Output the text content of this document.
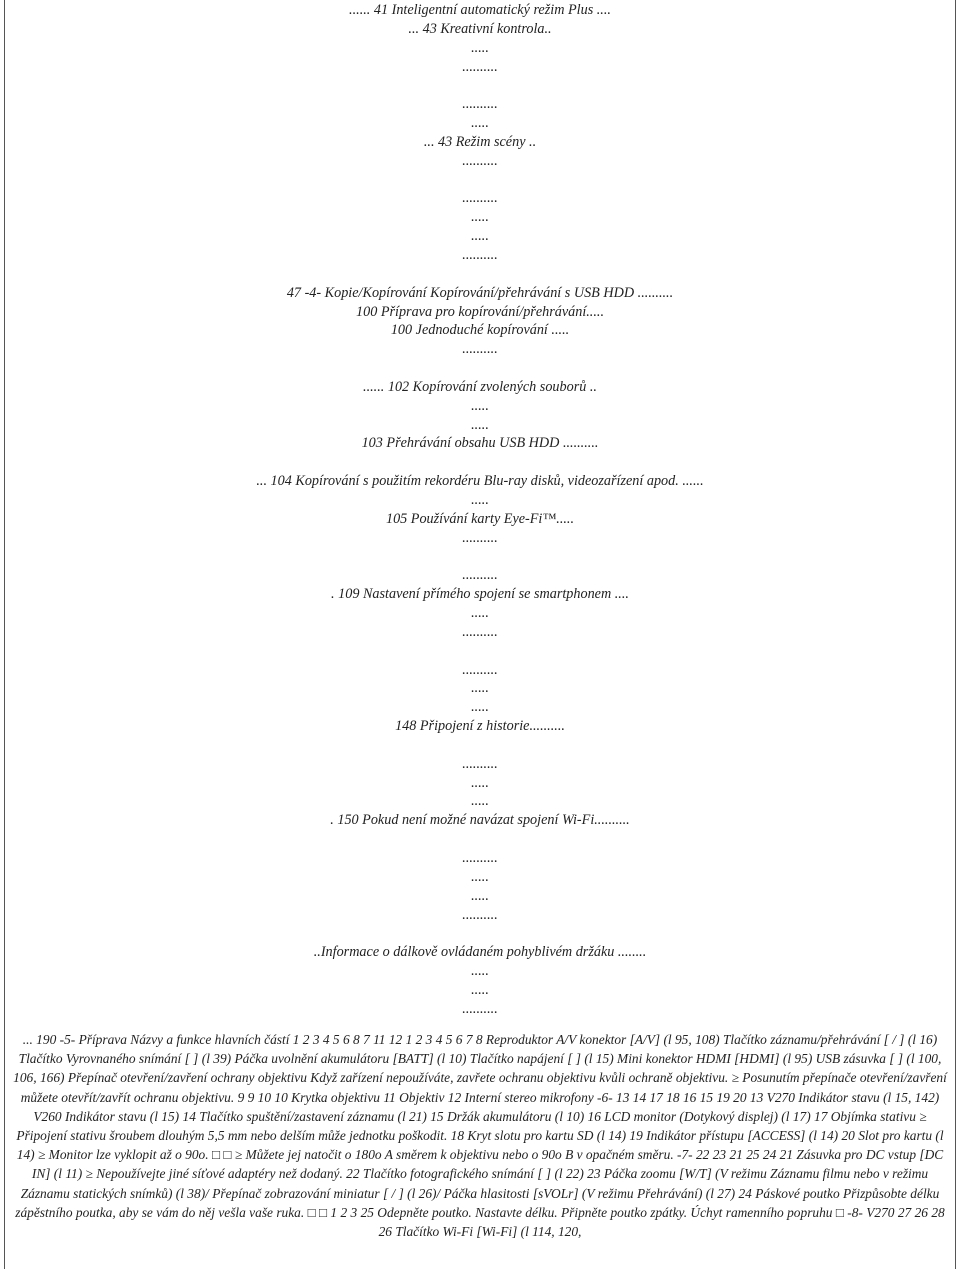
...... 41 Inteligentní automatický režim Plus ....
... 43 Kreativní kontrola..
.....
..........
..........
.....
... 43 Režim scény ..
..........
..........
.....
.....
..........
47 -4- Kopie/Kopírování Kopírování/přehrávání s USB HDD ..........
100 Příprava pro kopírování/přehrávání.....
100 Jednoduché kopírování .....
..........
...... 102 Kopírování zvolených souborů ..
.....
.....
103 Přehrávání obsahu USB HDD ..........
... 104 Kopírování s použitím rekordéru Blu-ray disků, videozařízení apod. ......
.....
105 Používání karty Eye-Fi™.....
..........
..........
. 109 Nastavení přímého spojení se smartphonem ....
.....
..........
..........
.....
.....
148 Připojení z historie..........
..........
.....
.....
. 150 Pokud není možné navázat spojení Wi-Fi..........
..........
.....
.....
..........
..Informace o dálkově ovládaném pohyblivém držáku ........
.....
.....
..........

... 190 -5- Příprava Názvy a funkce hlavních částí 1 2 3 4 5 6 8 7 11 12 1 2 3 4 5 6 7 8 Reproduktor A/V konektor [A/V] (l 95, 108) Tlačítko záznamu/přehrávání [ / ] (l 16) Tlačítko Vyrovnaného snímání [ ] (l 39) Páčka uvolnění akumulátoru [BATT] (l 10) Tlačítko napájení [ ] (l 15) Mini konektor HDMI [HDMI] (l 95) USB zásuvka [ ] (l 100, 106, 166) Přepínač otevření/zavření ochrany objektivu Když zařízení nepoužíváte, zavřete ochranu objektivu kvůli ochraně objektivu. ≥ Posunutím přepínače otevření/zavření můžete otevřít/zavřít ochranu objektivu. 9 9 10 10 Krytka objektivu 11 Objektiv 12 Interní stereo mikrofony -6- 13 14 17 18 16 15 19 20 13 V270 Indikátor stavu (l 15, 142) V260 Indikátor stavu (l 15) 14 Tlačítko spuštění/zastavení záznamu (l 21) 15 Držák akumulátoru (l 10) 16 LCD monitor (Dotykový displej) (l 17) 17 Objímka stativu ≥ Připojení stativu šroubem dlouhým 5,5 mm nebo delším může jednotku poškodit. 18 Kryt slotu pro kartu SD (l 14) 19 Indikátor přístupu [ACCESS] (l 14) 20 Slot pro kartu (l 14) ≥ Monitor lze vyklopit až o 90o. □ □ ≥ Můžete jej natočit o 180o A směrem k objektivu nebo o 90o B v opačném směru. -7- 22 23 21 25 24 21 Zásuvka pro DC vstup [DC IN] (l 11) ≥ Nepoužívejte jiné síťové adaptéry než dodaný. 22 Tlačítko fotografického snímání [ ] (l 22) 23 Páčka zoomu [W/T] (V režimu Záznamu filmu nebo v režimu Záznamu statických snímků) (l 38)/ Přepínač zobrazování miniatur [ / ] (l 26)/ Páčka hlasitosti [sVOLr] (V režimu Přehrávání) (l 27) 24 Páskové poutko Přizpůsobte délku zápěstního poutka, aby se vám do něj vešla vaše ruka. □ □ 1 2 3 25 Odepněte poutko. Nastavte délku. Připněte poutko zpátky. Úchyt ramenního popruhu □ -8- V270 27 26 28 26 Tlačítko Wi-Fi [Wi-Fi] (l 114, 120,
